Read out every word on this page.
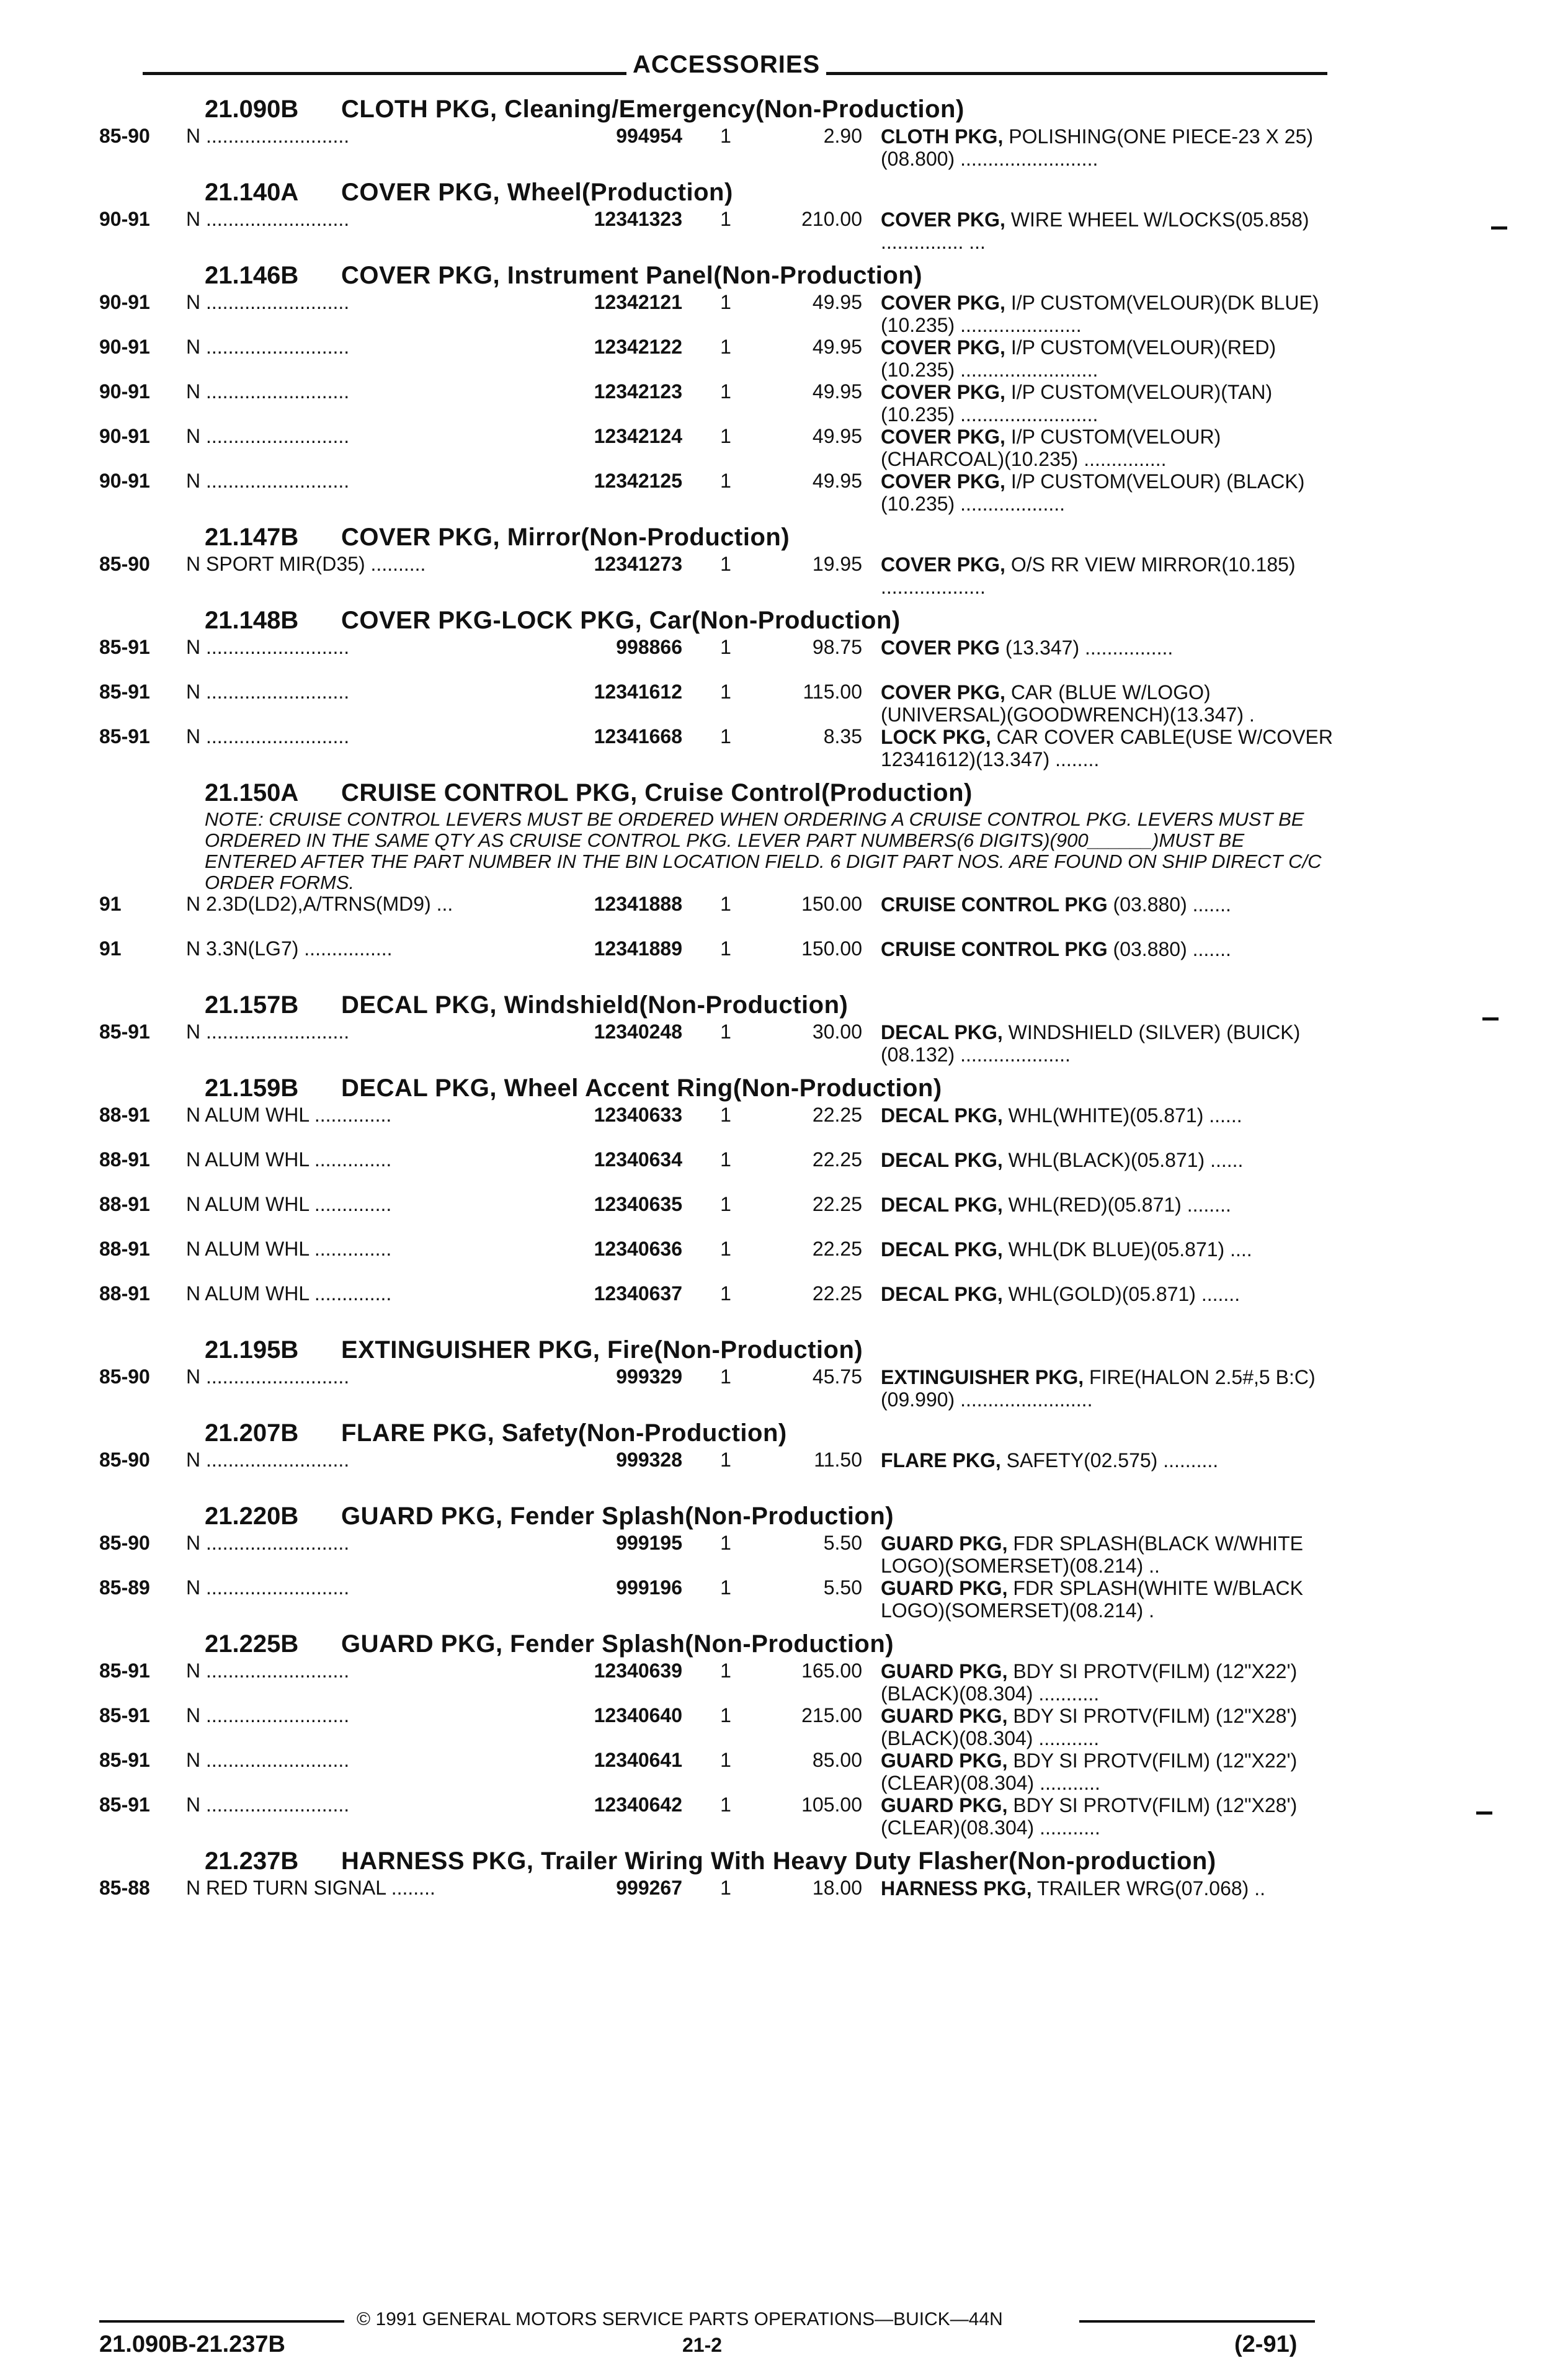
ACCESSORIES
21.090B CLOTH PKG, Cleaning/Emergency(Non-Production)
85-90	N ..........................	994954	1	2.90 CLOTH PKG, POLISHING(ONE PIECE-23 X 25)(08.800) .........................
21.140A COVER PKG, Wheel(Production)
90-91	N ..........................	12341323	1	210.00 COVER PKG, WIRE WHEEL W/LOCKS(05.858) ............... ...
21.146B COVER PKG, Instrument Panel(Non-Production)
90-91	N ..........................	12342121	1	49.95 COVER PKG, I/P CUSTOM(VELOUR)(DK BLUE)(10.235) ......................
90-91	N ..........................	12342122	1	49.95 COVER PKG, I/P CUSTOM(VELOUR)(RED) (10.235) .........................
90-91	N ..........................	12342123	1	49.95 COVER PKG, I/P CUSTOM(VELOUR)(TAN) (10.235) .........................
90-91	N ..........................	12342124	1	49.95 COVER PKG, I/P CUSTOM(VELOUR) (CHARCOAL)(10.235) ...............
90-91	N ..........................	12342125	1	49.95 COVER PKG, I/P CUSTOM(VELOUR) (BLACK)(10.235) ...................
21.147B COVER PKG, Mirror(Non-Production)
85-90	N SPORT MIR(D35) ..........	12341273	1	19.95 COVER PKG, O/S RR VIEW MIRROR(10.185) ...................
21.148B COVER PKG-LOCK PKG, Car(Non-Production)
85-91	N ..........................	998866	1	98.75 COVER PKG (13.347) ................
85-91	N ..........................	12341612	1	115.00 COVER PKG, CAR (BLUE W/LOGO) (UNIVERSAL)(GOODWRENCH)(13.347) .
85-91	N ..........................	12341668	1	8.35 LOCK PKG, CAR COVER CABLE(USE W/COVER 12341612)(13.347) ........
21.150A CRUISE CONTROL PKG, Cruise Control(Production)
NOTE: CRUISE CONTROL LEVERS MUST BE ORDERED WHEN ORDERING A CRUISE CONTROL PKG. LEVERS MUST BE ORDERED IN THE SAME QTY AS CRUISE CONTROL PKG. LEVER PART NUMBERS(6 DIGITS)(900______)MUST BE ENTERED AFTER THE PART NUMBER IN THE BIN LOCATION FIELD. 6 DIGIT PART NOS. ARE FOUND ON SHIP DIRECT C/C ORDER FORMS.
91	N 2.3D(LD2),A/TRNS(MD9) ...	12341888	1	150.00 CRUISE CONTROL PKG (03.880) .......
91	N 3.3N(LG7) ................	12341889	1	150.00 CRUISE CONTROL PKG (03.880) .......
21.157B DECAL PKG, Windshield(Non-Production)
85-91	N ..........................	12340248	1	30.00 DECAL PKG, WINDSHIELD (SILVER) (BUICK)(08.132) ....................
21.159B DECAL PKG, Wheel Accent Ring(Non-Production)
88-91	N ALUM WHL ..............	12340633	1	22.25 DECAL PKG, WHL(WHITE)(05.871) ......
88-91	N ALUM WHL ..............	12340634	1	22.25 DECAL PKG, WHL(BLACK)(05.871) ......
88-91	N ALUM WHL ..............	12340635	1	22.25 DECAL PKG, WHL(RED)(05.871) ........
88-91	N ALUM WHL ..............	12340636	1	22.25 DECAL PKG, WHL(DK BLUE)(05.871) ....
88-91	N ALUM WHL ..............	12340637	1	22.25 DECAL PKG, WHL(GOLD)(05.871) .......
21.195B EXTINGUISHER PKG, Fire(Non-Production)
85-90	N ..........................	999329	1	45.75 EXTINGUISHER PKG, FIRE(HALON 2.5#,5 B:C)(09.990) ........................
21.207B FLARE PKG, Safety(Non-Production)
85-90	N ..........................	999328	1	11.50 FLARE PKG, SAFETY(02.575) ..........
21.220B GUARD PKG, Fender Splash(Non-Production)
85-90	N ..........................	999195	1	5.50 GUARD PKG, FDR SPLASH(BLACK W/WHITE LOGO)(SOMERSET)(08.214) ..
85-89	N ..........................	999196	1	5.50 GUARD PKG, FDR SPLASH(WHITE W/BLACK LOGO)(SOMERSET)(08.214) .
21.225B GUARD PKG, Fender Splash(Non-Production)
85-91	N ..........................	12340639	1	165.00 GUARD PKG, BDY SI PROTV(FILM) (12"X22')(BLACK)(08.304) ...........
85-91	N ..........................	12340640	1	215.00 GUARD PKG, BDY SI PROTV(FILM) (12"X28')(BLACK)(08.304) ...........
85-91	N ..........................	12340641	1	85.00 GUARD PKG, BDY SI PROTV(FILM) (12"X22')(CLEAR)(08.304) ...........
85-91	N ..........................	12340642	1	105.00 GUARD PKG, BDY SI PROTV(FILM) (12"X28')(CLEAR)(08.304) ...........
21.237B HARNESS PKG, Trailer Wiring With Heavy Duty Flasher(Non-production)
85-88	N RED TURN SIGNAL ........	999267	1	18.00 HARNESS PKG, TRAILER WRG(07.068) ..
© 1991 GENERAL MOTORS SERVICE PARTS OPERATIONS—BUICK—44N
21.090B-21.237B	21-2	(2-91)
